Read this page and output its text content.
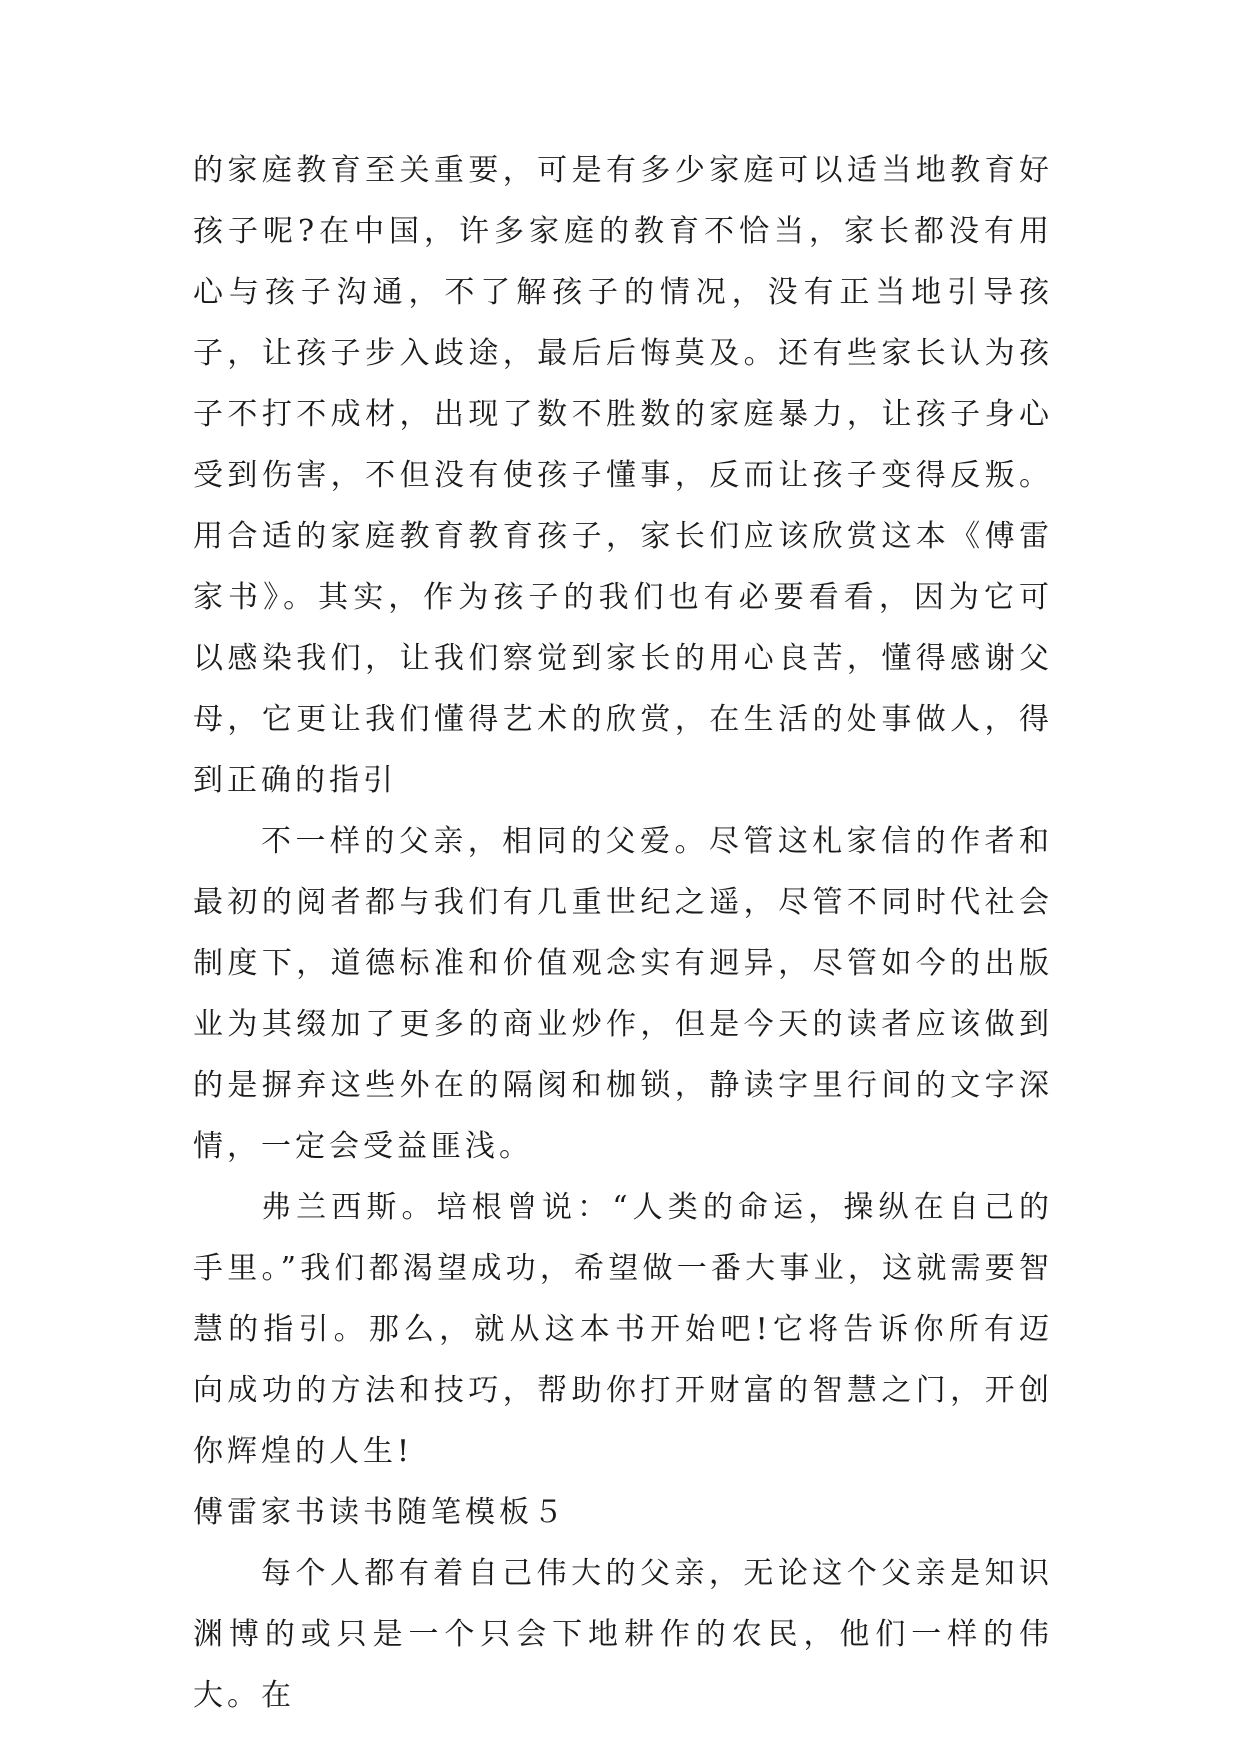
的家庭教育至关重要，可是有多少家庭可以适当地教育好孩子呢?在中国，许多家庭的教育不恰当，家长都没有用心与孩子沟通，不了解孩子的情况，没有正当地引导孩子，让孩子步入歧途，最后后悔莫及。还有些家长认为孩子不打不成材，出现了数不胜数的家庭暴力，让孩子身心受到伤害，不但没有使孩子懂事，反而让孩子变得反叛。用合适的家庭教育教育孩子，家长们应该欣赏这本《傅雷家书》。其实，作为孩子的我们也有必要看看，因为它可以感染我们，让我们察觉到家长的用心良苦，懂得感谢父母，它更让我们懂得艺术的欣赏，在生活的处事做人，得到正确的指引

不一样的父亲，相同的父爱。尽管这札家信的作者和最初的阅者都与我们有几重世纪之遥，尽管不同时代社会制度下，道德标准和价值观念实有迥异，尽管如今的出版业为其缀加了更多的商业炒作，但是今天的读者应该做到的是摒弃这些外在的隔阂和枷锁，静读字里行间的文字深情，一定会受益匪浅。

弗兰西斯。培根曾说：“人类的命运，操纵在自己的手里。”我们都渴望成功，希望做一番大事业，这就需要智慧的指引。那么，就从这本书开始吧!它将告诉你所有迈向成功的方法和技巧，帮助你打开财富的智慧之门，开创你辉煌的人生!

傅雷家书读书随笔模板５

每个人都有着自己伟大的父亲，无论这个父亲是知识渊博的或只是一个只会下地耕作的农民，他们一样的伟大。在
